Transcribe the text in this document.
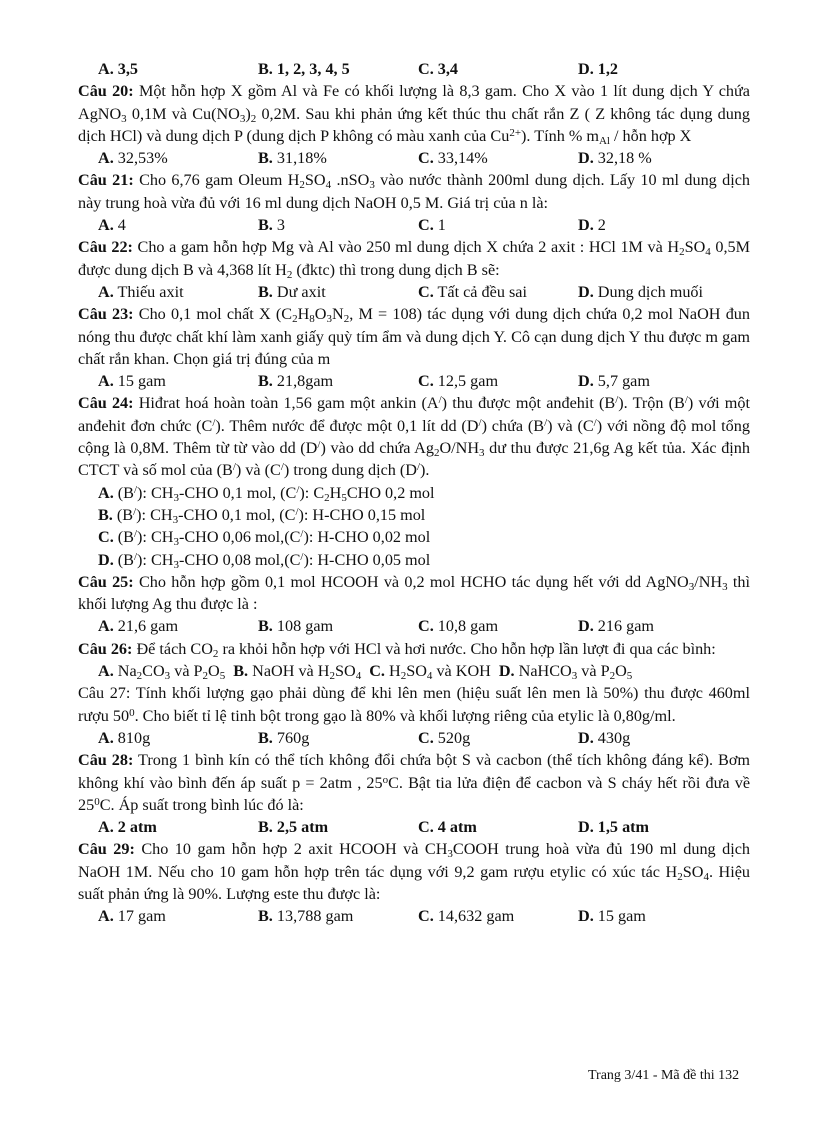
A. 3,5	B. 1, 2, 3, 4, 5	C. 3,4	D. 1,2
Câu 20: Một hỗn hợp X gồm Al và Fe có khối lượng là 8,3 gam. Cho X vào 1 lít dung dịch Y chứa AgNO$_3$ 0,1M và $Cu(NO_3)_2$ 0,2M. Sau khi phản ứng kết thúc thu chất rắn Z ( Z không tác dụng dung dịch HCl) và dung dịch P (dung dịch P không có màu xanh của $Cu^{2+}$). Tính % $m_{Al}$ / hỗn hợp X
A. 32,53%	B. 31,18%	C. 33,14%	D. 32,18 %
Câu 21: Cho 6,76 gam Oleum $H_2SO_4$ .nSO$_3$ vào nước thành 200ml dung dịch. Lấy 10 ml dung dịch này trung hoà vừa đủ với 16 ml dung dịch NaOH 0,5 M. Giá trị của n là:
A. 4	B. 3	C. 1	D. 2
Câu 22: Cho a gam hỗn hợp Mg và Al vào 250 ml dung dịch X chứa 2 axit : HCl 1M và $H_2SO_4$ 0,5M được dung dịch B và 4,368 lít $H_2$ (đktc) thì trong dung dịch B sẽ:
A. Thiếu axit	B. Dư axit	C. Tất cả đều sai	D. Dung dịch muối
Câu 23: Cho 0,1 mol chất X ($C_2H_8O_3N_2$, M = 108) tác dụng với dung dịch chứa 0,2 mol NaOH đun nóng thu được chất khí làm xanh giấy quỳ tím ẩm và dung dịch Y. Cô cạn dung dịch Y thu được m gam chất rắn khan. Chọn giá trị đúng của m
A. 15 gam	B. 21,8gam	C. 12,5 gam	D. 5,7 gam
Câu 24: Hiđrat hoá hoàn toàn 1,56 gam một ankin (A/) thu được một anđehit (B/). Trộn (B/) với một anđehit đơn chức (C/). Thêm nước để được một 0,1 lít dd (D/) chứa (B/) và (C/) với nồng độ mol tổng cộng là 0,8M. Thêm từ từ vào dd (D/) vào dd chứa $Ag_2O/NH_3$ dư thu được 21,6g Ag kết tủa. Xác định CTCT và số mol của (B/) và (C/) trong dung dịch (D/).
A. (B/): $CH_3$-CHO 0,1 mol, (C/): $C_2H_5CHO$ 0,2 mol
B. (B/): $CH_3$-CHO 0,1 mol, (C/): H-CHO 0,15 mol
C. (B/): $CH_3$-CHO 0,06 mol,(C/): H-CHO 0,02 mol
D. (B/): $CH_3$-CHO 0,08 mol,(C/): H-CHO 0,05 mol
Câu 25: Cho hỗn hợp gồm 0,1 mol HCOOH và 0,2 mol HCHO tác dụng hết với dd $AgNO_3/NH_3$ thì khối lượng Ag thu được là :
A. 21,6 gam	B. 108 gam	C. 10,8 gam	D. 216 gam
Câu 26: Để tách $CO_2$ ra khỏi hỗn hợp với HCl và hơi nước. Cho hỗn hợp lần lượt đi qua các bình:
A. $Na_2CO_3$ và $P_2O_5$ B. NaOH và $H_2SO_4$ C. $H_2SO_4$ và KOH D. NaHCO$_3$ và $P_2O_5$
Câu 27: Tính khối lượng gạo phải dùng để khi lên men (hiệu suất lên men là 50%) thu được 460ml rượu $50^0$. Cho biết tỉ lệ tinh bột trong gạo là 80% và khối lượng riêng của etylic là 0,80g/ml.
A. 810g	B. 760g	C. 520g	D. 430g
Câu 28: Trong 1 bình kín có thể tích không đổi chứa bột S và cacbon (thể tích không đáng kể). Bơm không khí vào bình đến áp suất p = 2atm , 25$^o$C. Bật tia lửa điện để cacbon và S cháy hết rồi đưa về $25^0C$. Áp suất trong bình lúc đó là:
A. 2 atm	B. 2,5 atm	C. 4 atm	D. 1,5 atm
Câu 29: Cho 10 gam hỗn hợp 2 axit HCOOH và $CH_3COOH$ trung hoà vừa đủ 190 ml dung dịch NaOH 1M. Nếu cho 10 gam hỗn hợp trên tác dụng với 9,2 gam rượu etylic có xúc tác $H_2SO_4$. Hiệu suất phản ứng là 90%. Lượng este thu được là:
A. 17 gam	B. 13,788 gam	C. 14,632 gam	D. 15 gam
Trang 3/41 - Mã đề thi 132
